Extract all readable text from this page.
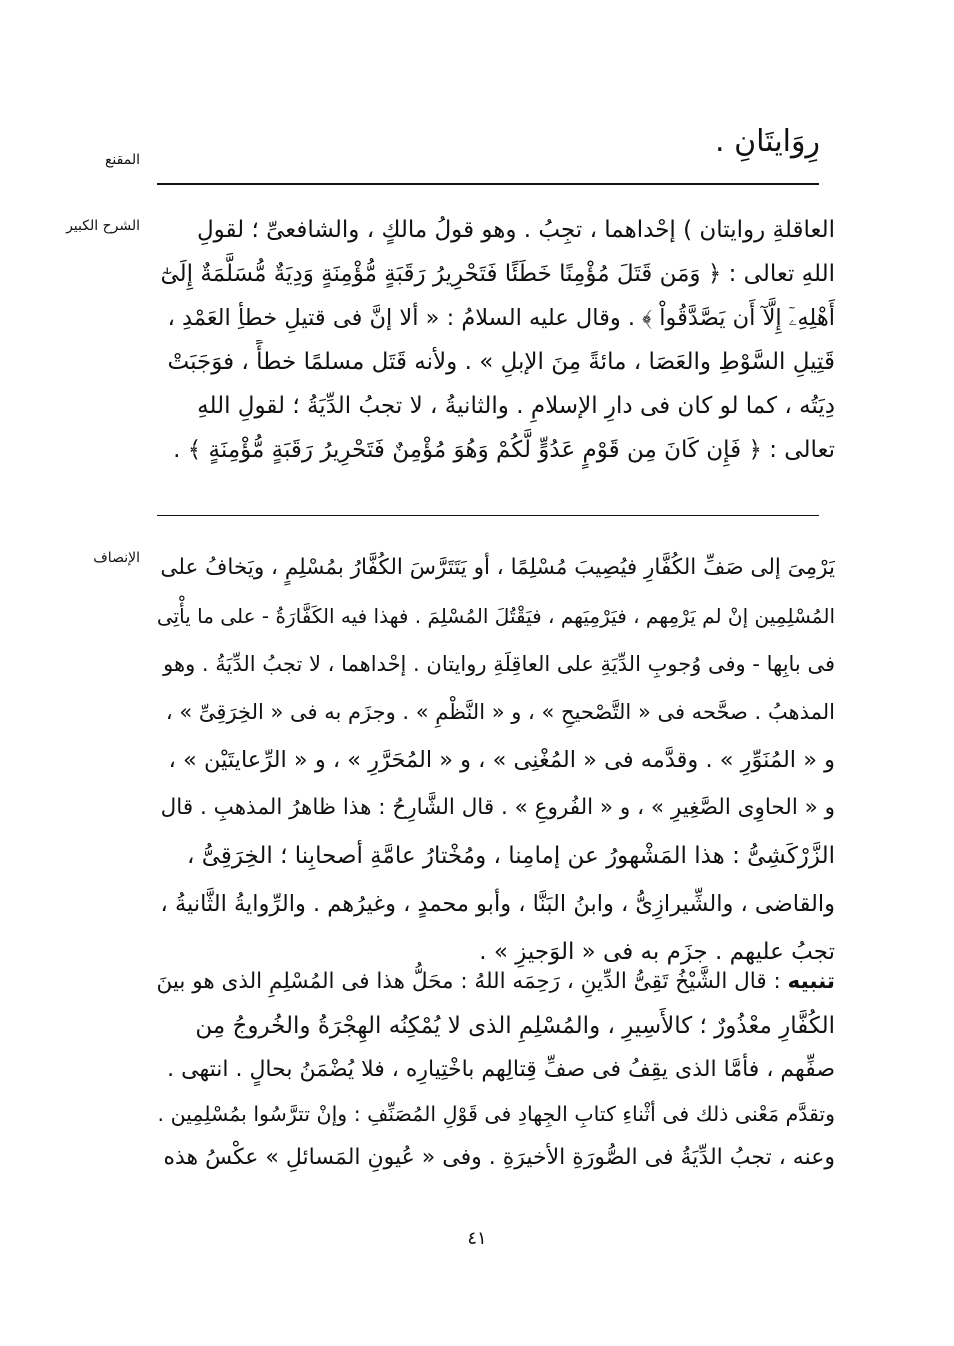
رِوَايتَانِ .
المقنع
الشرح الكبير	العاقلةِ روايتان ) إحْداهما ، تجِبُ . وهو قولُ مالكٍ ، والشافعىِّ ؛ لقولِ
اللهِ تعالى : ﴿ وَمَن قَتَلَ مُؤْمِنًا خَطَئًا فَتَحْرِيرُ رَقَبَةٍ مُّؤْمِنَةٍ وَدِيَةٌ مُّسَلَّمَةٌ إِلَىٰٓ
أَهْلِهِۦٓ إِلَّآ أَن يَصَّدَّقُواْ ﴾ . وقال عليه السلامُ : « ألا إنَّ فى قتيلِ خطأِ العَمْدِ ،
قَتِيلِ السَّوْطِ والعَصَا ، مائةً مِنَ الإبلِ » . ولأنه قَتَل مسلمًا خطأً ، فوَجَبَتْ
دِيَتُه ، كما لو كان فى دارِ الإسلامِ . والثانيةُ ، لا تجبُ الدِّيَةُ ؛ لقولِ اللهِ
تعالى : ﴿ فَإِن كَانَ مِن قَوْمٍ عَدُوٍّ لَّكُمْ وَهُوَ مُؤْمِنٌ فَتَحْرِيرُ رَقَبَةٍ مُّؤْمِنَةٍ ﴾ .
الإنصاف يَرْمِىَ إلى صَفِّ الكُفَّارِ فيُصِيبَ مُسْلِمًا ، أو يَتَتَرَّسَ الكُفَّارُ بمُسْلِمٍ ، ويَخافُ على
المُسْلِمِين إنْ لم يَرْمِهم ، فيَرْمِيَهم ، فيَقْتُلَ المُسْلِمَ . فهذا فيه الكَفَّارَةُ - على ما يأْتِى
فى بابِها - وفى وُجوبِ الدِّيَةِ على العاقِلَةِ روايتان . إحْداهما ، لا تجبُ الدِّيَةُ . وهو
المذهبُ . صحَّحه فى « التَّصْحيحِ » ، و « النَّظْمِ » . وجزَم به فى « الخِرَقِىِّ » ،
و « المُنَوِّرِ » . وقدَّمه فى « المُغْنِى » ، و « المُحَرَّرِ » ، و « الرِّعايتَيْن » ،
و « الحاوِى الصَّغِيرِ » ، و « الفُروعِ » . قال الشَّارِحُ : هذا ظاهرُ المذهبِ . قال
الزَّرْكَشِىُّ : هذا المَشْهورُ عن إمامِنا ، ومُخْتارُ عامَّةِ أصحابِنا ؛ الخِرَقِىُّ ،
والقاضى ، والشِّيرازِىُّ ، وابنُ البَنَّا ، وأبو محمدٍ ، وغيرُهم . والرِّوايةُ الثَّانيةُ ،
تجبُ عليهم . جزَم به فى « الوَجيزِ » .
تنبيه : قال الشَّيْخُ تَقِىُّ الدِّينِ ، رَحِمَه اللهُ : محَلُّ هذا فى المُسْلِمِ الذى هو بينَ
الكُفَّارِ معْذُورٌ ؛ كالأَسِيرِ ، والمُسْلِمِ الذى لا يُمْكِنُه الهِجْرَةُ والخُروجُ مِن
صفِّهم ، فأمَّا الذى يقِفُ فى صفِّ قِتالِهم باخْتِيارِه ، فلا يُضْمَنُ بحالٍ . انتهى .
وتقدَّم مَعْنى ذلك فى أثْناءِ كتابِ الجِهادِ فى قَوْلِ المُصَنِّفِ : وإنْ تترَّسُوا بمُسْلِمِين .
وعنه ، تجبُ الدِّيَةُ فى الصُّورَةِ الأخيرَةِ . وفى « عُيونِ المَسائلِ » عكْسُ هذه
٤١
